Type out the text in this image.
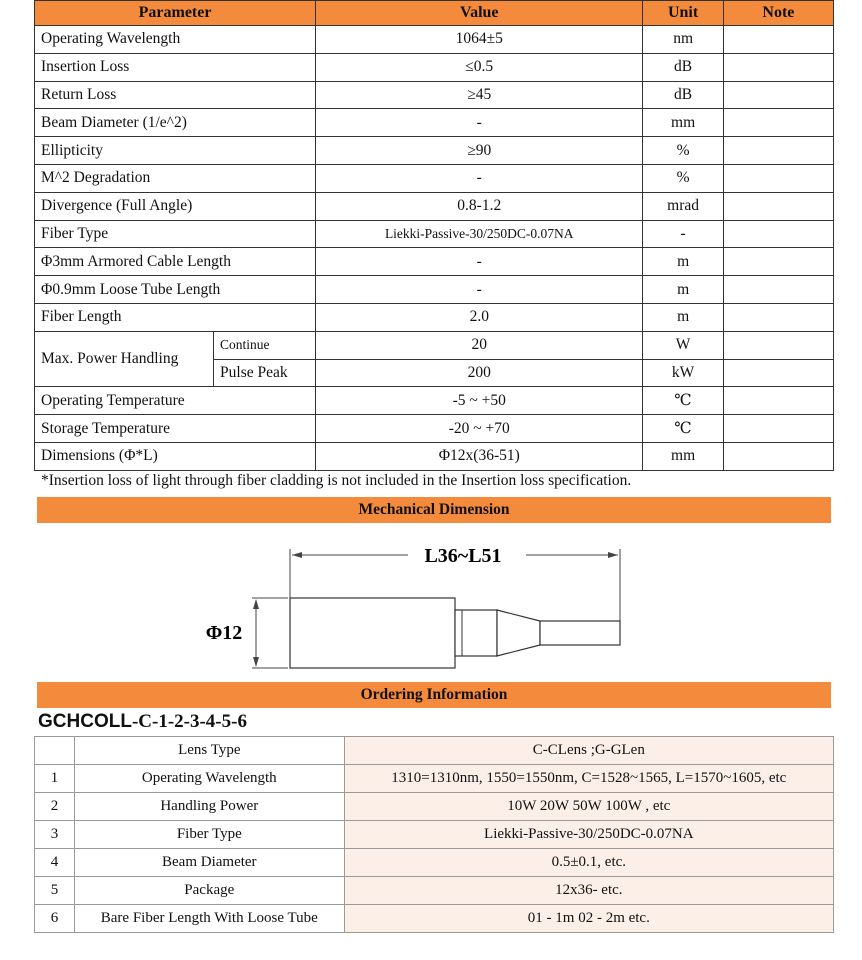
Parameter		Value	Unit	Note
Operating Wavelength		1064±5	nm	
Insertion Loss		≤0.5	dB	
Return Loss		≥45	dB	
Beam Diameter (1/e^2)		-	mm	
Ellipticity		≥90	%	
M^2 Degradation		-	%	
Divergence (Full Angle)		0.8-1.2	mrad	
Fiber Type		Liekki-Passive-30/250DC-0.07NA	-	
Φ3mm Armored Cable Length		-	m	
Φ0.9mm Loose Tube Length		-	m	
Fiber Length		2.0	m	
Max. Power Handling	Continue	20	W	
	Pulse Peak	200	kW	
Operating Temperature		-5 ~ +50	℃	
Storage Temperature		-20 ~ +70	℃	
Dimensions (Φ*L)		Φ12x(36-51)	mm	
*Insertion loss of light through fiber cladding is not included in the Insertion loss specification.
Mechanical Dimension
L36~L51
Φ12
Ordering Information
GCHCOLL-C-1-2-3-4-5-6
	Lens Type	C-CLens ;G-GLen
1	Operating Wavelength	1310=1310nm, 1550=1550nm, C=1528~1565, L=1570~1605, etc
2	Handling Power	10W 20W 50W 100W , etc
3	Fiber Type	Liekki-Passive-30/250DC-0.07NA
4	Beam Diameter	0.5±0.1, etc.
5	Package	12x36- etc.
6	Bare Fiber Length With Loose Tube	01 - 1m 02 - 2m etc.
